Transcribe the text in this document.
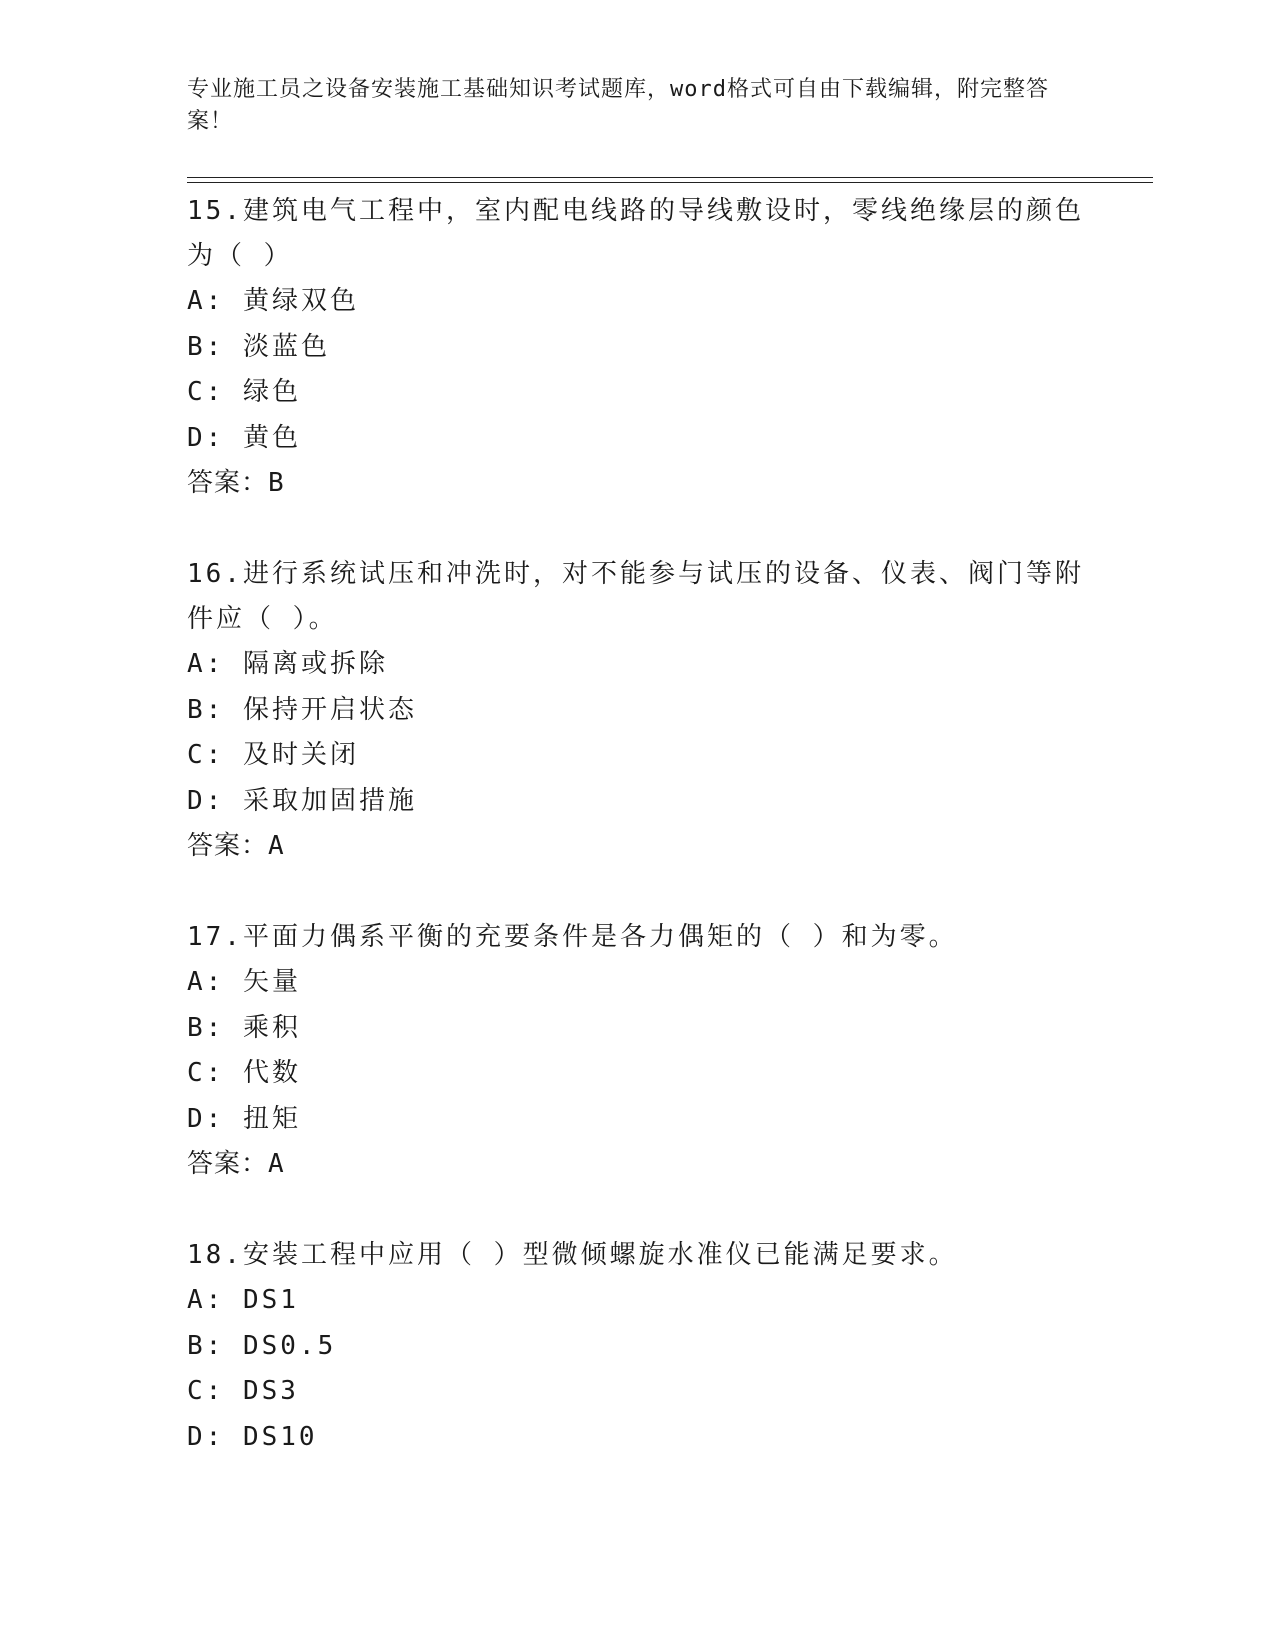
专业施工员之设备安装施工基础知识考试题库，word格式可自由下载编辑，附完整答案！
15.建筑电气工程中，室内配电线路的导线敷设时，零线绝缘层的颜色为（ ）
A: 黄绿双色
B: 淡蓝色
C: 绿色
D: 黄色
答案：B
16.进行系统试压和冲洗时，对不能参与试压的设备、仪表、阀门等附件应（ ）。
A: 隔离或拆除
B: 保持开启状态
C: 及时关闭
D: 采取加固措施
答案：A
17.平面力偶系平衡的充要条件是各力偶矩的（ ）和为零。
A: 矢量
B: 乘积
C: 代数
D: 扭矩
答案：A
18.安装工程中应用（ ）型微倾螺旋水准仪已能满足要求。
A: DS1
B: DS0.5
C: DS3
D: DS10
